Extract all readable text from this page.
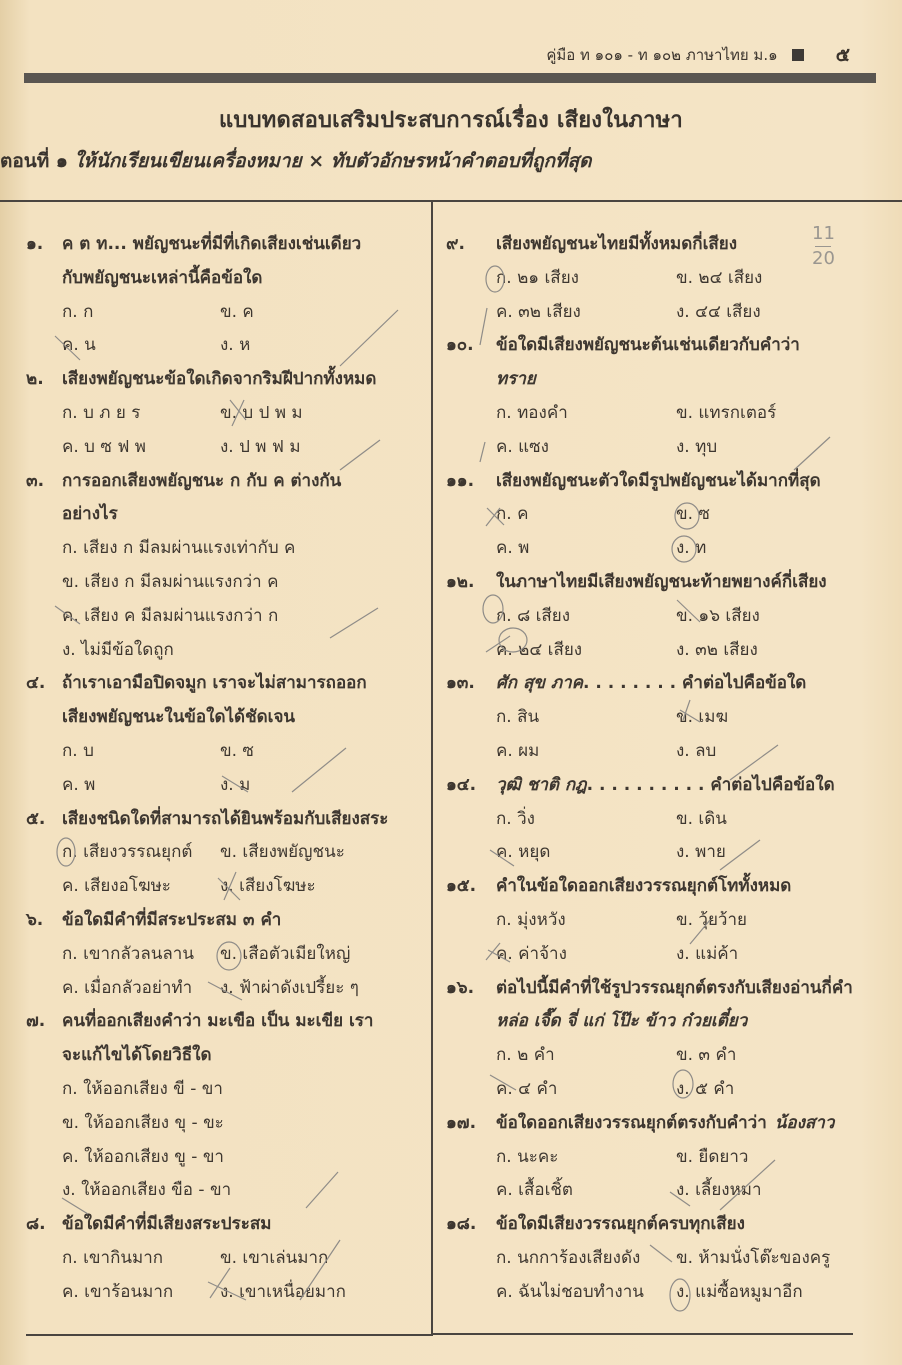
คู่มือ ท ๑๐๑ - ท ๑๐๒ ภาษาไทย ม.๑	๕
แบบทดสอบเสริมประสบการณ์เรื่อง เสียงในภาษา
ตอนที่ ๑ ให้นักเรียนเขียนเครื่องหมาย × ทับตัวอักษรหน้าคำตอบที่ถูกที่สุด
11
20
๑.	ค ต ท... พยัญชนะที่มีที่เกิดเสียงเช่นเดียว
กับพยัญชนะเหล่านี้คือข้อใด
ก. ก	ข. ค
ค. น	ง. ห
๒.	เสียงพยัญชนะข้อใดเกิดจากริมฝีปากทั้งหมด
ก. บ ภ ย ร	ข. บ ป พ ม
ค. บ ซ ฟ พ	ง. ป พ ฟ ม
๓.	การออกเสียงพยัญชนะ ก กับ ค ต่างกัน
อย่างไร
ก. เสียง ก มีลมผ่านแรงเท่ากับ ค
ข. เสียง ก มีลมผ่านแรงกว่า ค
ค. เสียง ค มีลมผ่านแรงกว่า ก
ง. ไม่มีข้อใดถูก
๔. ถ้าเราเอามือปิดจมูก เราจะไม่สามารถออก
เสียงพยัญชนะในข้อใดได้ชัดเจน
ก. บ	ข. ซ
ค. พ	ง. ม
๕. เสียงชนิดใดที่สามารถได้ยินพร้อมกับเสียงสระ
ก. เสียงวรรณยุกต์	ข. เสียงพยัญชนะ
ค. เสียงอโฆษะ	ง. เสียงโฆษะ
๖.	ข้อใดมีคำที่มีสระประสม ๓ คำ
ก. เขากลัวลนลาน	ข. เสือตัวเมียใหญ่
ค. เมื่อกลัวอย่าทำ	ง. ฟ้าผ่าดังเปรี้ยะ ๆ
๗. คนที่ออกเสียงคำว่า มะเขือ เป็น มะเขีย เรา
จะแก้ไขได้โดยวิธีใด
ก. ให้ออกเสียง ขี - ขา
ข. ให้ออกเสียง ขุ - ขะ
ค. ให้ออกเสียง ขู - ขา
ง. ให้ออกเสียง ขือ - ขา
๘. ข้อใดมีคำที่มีเสียงสระประสม
ก. เขากินมาก	ข. เขาเล่นมาก
ค. เขาร้อนมาก	ง. เขาเหนื่อยมาก
๙.	เสียงพยัญชนะไทยมีทั้งหมดกี่เสียง
ก. ๒๑ เสียง	ข. ๒๔ เสียง
ค. ๓๒ เสียง	ง. ๔๔ เสียง
๑๐.	ข้อใดมีเสียงพยัญชนะต้นเช่นเดียวกับคำว่า
ทราย
ก. ทองคำ	ข. แทรกเตอร์
ค. แซง	ง. ทุบ
๑๑.	เสียงพยัญชนะตัวใดมีรูปพยัญชนะได้มากที่สุด
ก. ค	ข. ซ
ค. พ	ง. ท
๑๒.	ในภาษาไทยมีเสียงพยัญชนะท้ายพยางค์กี่เสียง
ก. ๘ เสียง	ข. ๑๖ เสียง
ค. ๒๔ เสียง	ง. ๓๒ เสียง
๑๓.	ศัก สุข ภาค . . . . . . . . คำต่อไปคือข้อใด
ก. สิน	ข. เมฆ
ค. ผม	ง. ลบ
๑๔.	วุฒิ ชาติ กฎ . . . . . . . . . . คำต่อไปคือข้อใด
ก. วิ่ง	ข. เดิน
ค. หยุด	ง. พาย
๑๕.	คำในข้อใดออกเสียงวรรณยุกต์โททั้งหมด
ก. มุ่งหวัง	ข. วุ้ยว้าย
ค. ค่าจ้าง	ง. แม่ค้า
๑๖.	ต่อไปนี้มีคำที่ใช้รูปวรรณยุกต์ตรงกับเสียงอ่านกี่คำ
หล่อ เจี๊ด จี่ แก่ โป๊ะ ข้าว ก๋วยเตี๋ยว
ก. ๒ คำ	ข. ๓ คำ
ค. ๔ คำ	ง. ๕ คำ
๑๗.	ข้อใดออกเสียงวรรณยุกต์ตรงกับคำว่า น้องสาว
ก. นะคะ	ข. ยืดยาว
ค. เสื้อเชิ้ต	ง. เลี้ยงหมา
๑๘.	ข้อใดมีเสียงวรรณยุกต์ครบทุกเสียง
ก. นกการ้องเสียงดัง	ข. ห้ามนั่งโต๊ะของครู
ค. ฉันไม่ชอบทำงาน	ง. แม่ซื้อหมูมาอีก
